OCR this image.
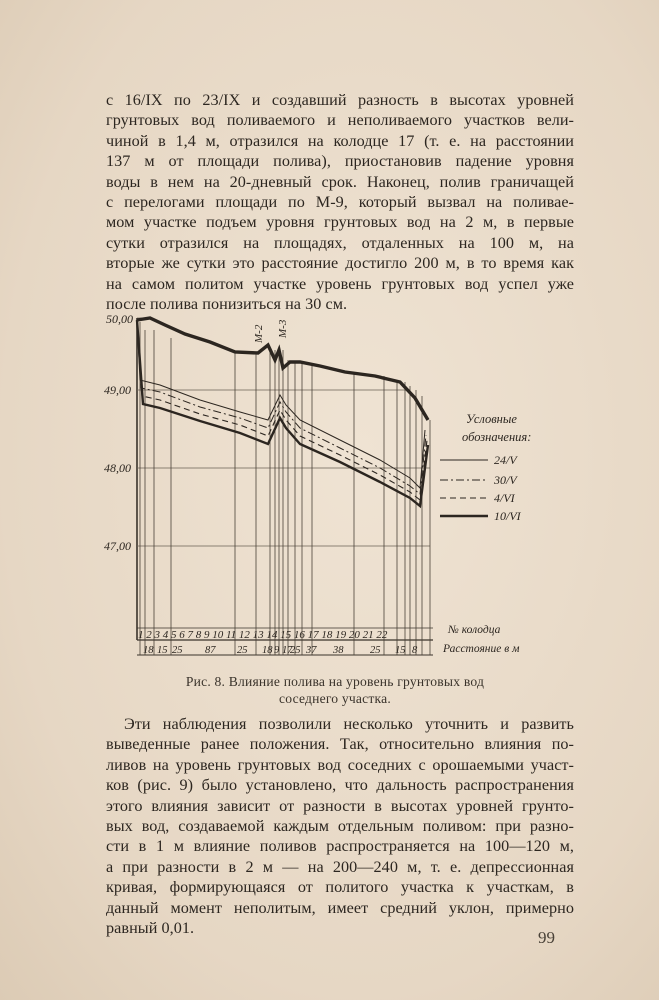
с 16/IX по 23/IX и создавший разность в высотах уровней
грунтовых вод поливаемого и неполиваемого участков вели-
чиной в 1,4 м, отразился на колодце 17 (т. е. на расстоянии
137 м от площади полива), приостановив падение уровня
воды в нем на 20-дневный срок. Наконец, полив граничащей
с перелогами площади по М-9, который вызвал на поливае-
мом участке подъем уровня грунтовых вод на 2 м, в первые
сутки отразился на площадях, отдаленных на 100 м, на
вторые же сутки это расстояние достигло 200 м, в то время как
на самом политом участке уровень грунтовых вод успел уже
после полива понизиться на 30 см.
50,00
49,00
48,00
47,00
М-2 М-3
Условные
обозначения:
24/V
30/V
4/VI
10/VI
1 2 3 4 5 6 7 8 9 10 11 12 13 14 15 16 17 18 19 20 21 22	№ колодца
18 15 25 87 25 18 9 17
25 37 38	25 15 8 Расстояние в м
Рис. 8. Влияние полива на уровень грунтовых вод
соседнего участка.
Эти наблюдения позволили несколько уточнить и развить
выведенные ранее положения. Так, относительно влияния по-
ливов на уровень грунтовых вод соседних с орошаемыми участ-
ков (рис. 9) было установлено, что дальность распространения
этого влияния зависит от разности в высотах уровней грунто-
вых вод, создаваемой каждым отдельным поливом: при разно-
сти в 1 м влияние поливов распространяется на 100—120 м,
а при разности в 2 м — на 200—240 м, т. е. депрессионная
кривая, формирующаяся от политого участка к участкам, в
данный момент неполитым, имеет средний уклон, примерно
равный 0,01.	99
